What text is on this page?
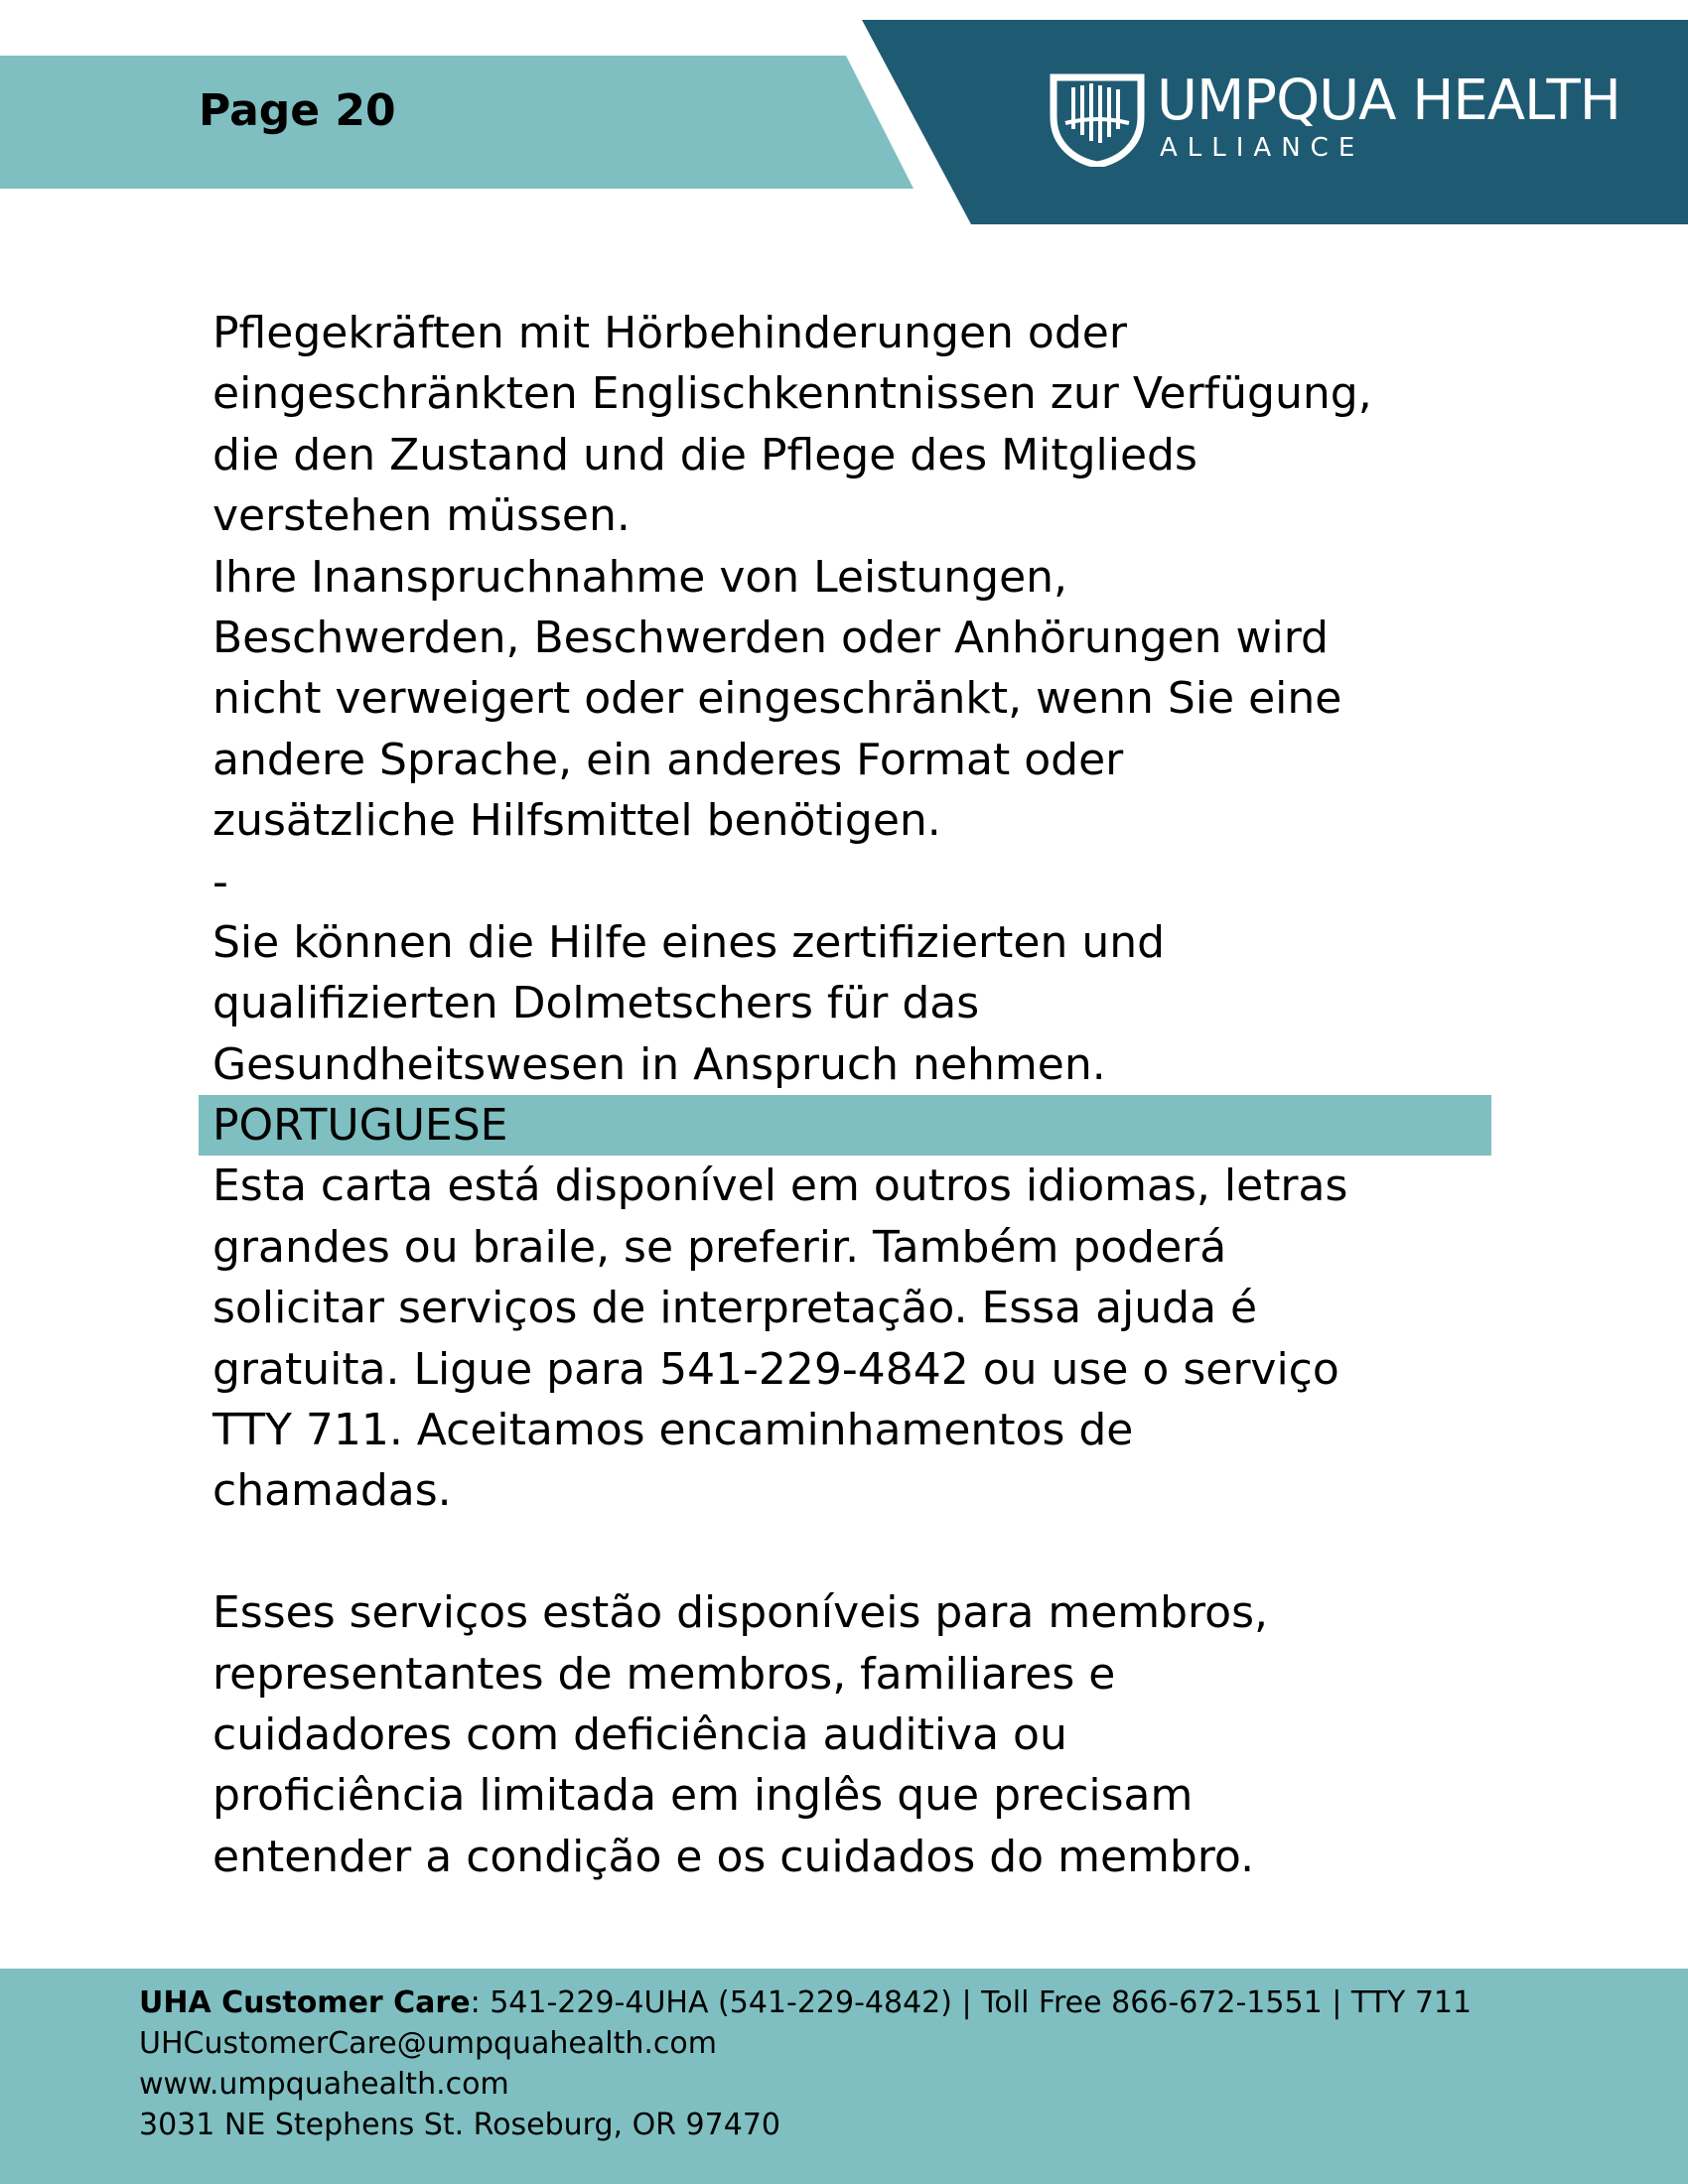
Page 20	UMPQUA HEALTH
ALLIANCE
Pflegekräften mit Hörbehinderungen oder
eingeschränkten Englischkenntnissen zur Verfügung,
die den Zustand und die Pflege des Mitglieds
verstehen müssen.
Ihre Inanspruchnahme von Leistungen,
Beschwerden, Beschwerden oder Anhörungen wird
nicht verweigert oder eingeschränkt, wenn Sie eine
andere Sprache, ein anderes Format oder
zusätzliche Hilfsmittel benötigen.
-
Sie können die Hilfe eines zertifizierten und
qualifizierten Dolmetschers für das
Gesundheitswesen in Anspruch nehmen.
PORTUGUESE
Esta carta está disponível em outros idiomas, letras
grandes ou braile, se preferir. Também poderá
solicitar serviços de interpretação. Essa ajuda é
gratuita. Ligue para 541-229-4842 ou use o serviço
TTY 711. Aceitamos encaminhamentos de
chamadas.
Esses serviços estão disponíveis para membros,
representantes de membros, familiares e
cuidadores com deficiência auditiva ou
proficiência limitada em inglês que precisam
entender a condição e os cuidados do membro.
UHA Customer Care: 541-229-4UHA (541-229-4842) | Toll Free 866-672-1551 | TTY 711
UHCustomerCare@umpquahealth.com
www.umpquahealth.com
3031 NE Stephens St. Roseburg, OR 97470
